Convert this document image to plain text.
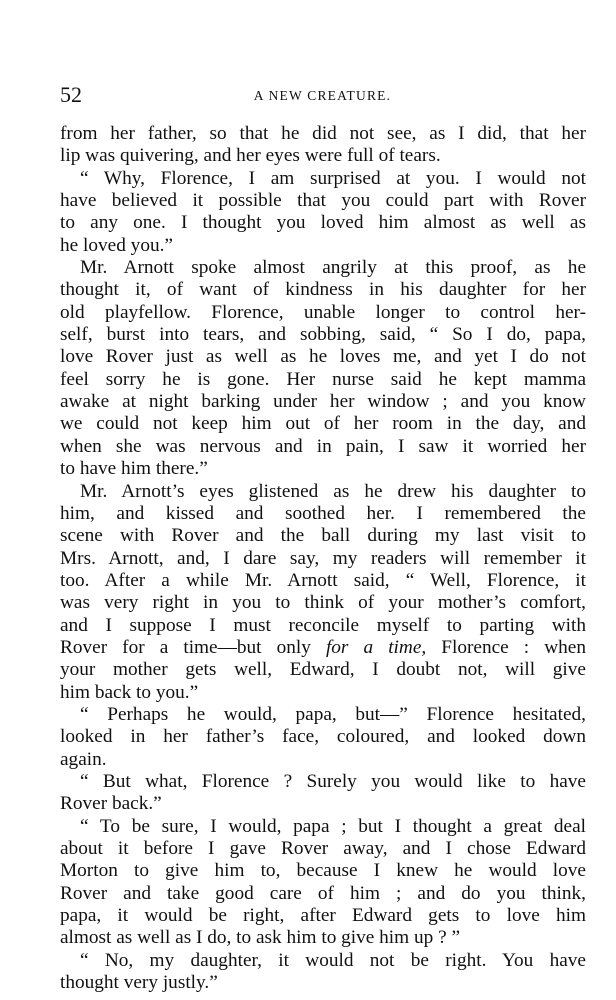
52	A NEW CREATURE.
from her father, so that he did not see, as I did, that her
lip was quivering, and her eyes were full of tears.
“ Why, Florence, I am surprised at you. I would not
have believed it possible that you could part with Rover
to any one. I thought you loved him almost as well as
he loved you.”
Mr. Arnott spoke almost angrily at this proof, as he
thought it, of want of kindness in his daughter for her
old playfellow. Florence, unable longer to control her-
self, burst into tears, and sobbing, said, “ So I do, papa,
love Rover just as well as he loves me, and yet I do not
feel sorry he is gone. Her nurse said he kept mamma
awake at night barking under her window ; and you know
we could not keep him out of her room in the day, and
when she was nervous and in pain, I saw it worried her
to have him there.”
Mr. Arnott’s eyes glistened as he drew his daughter to
him, and kissed and soothed her. I remembered the
scene with Rover and the ball during my last visit to
Mrs. Arnott, and, I dare say, my readers will remember it
too. After a while Mr. Arnott said, “ Well, Florence, it
was very right in you to think of your mother’s comfort,
and I suppose I must reconcile myself to parting with
Rover for a time—but only for a time, Florence : when
your mother gets well, Edward, I doubt not, will give
him back to you.”
“ Perhaps he would, papa, but—” Florence hesitated,
looked in her father’s face, coloured, and looked down
again.
“ But what, Florence ? Surely you would like to have
Rover back.”
“ To be sure, I would, papa ; but I thought a great deal
about it before I gave Rover away, and I chose Edward
Morton to give him to, because I knew he would love
Rover and take good care of him ; and do you think,
papa, it would be right, after Edward gets to love him
almost as well as I do, to ask him to give him up ? ”
“ No, my daughter, it would not be right. You have
thought very justly.”
